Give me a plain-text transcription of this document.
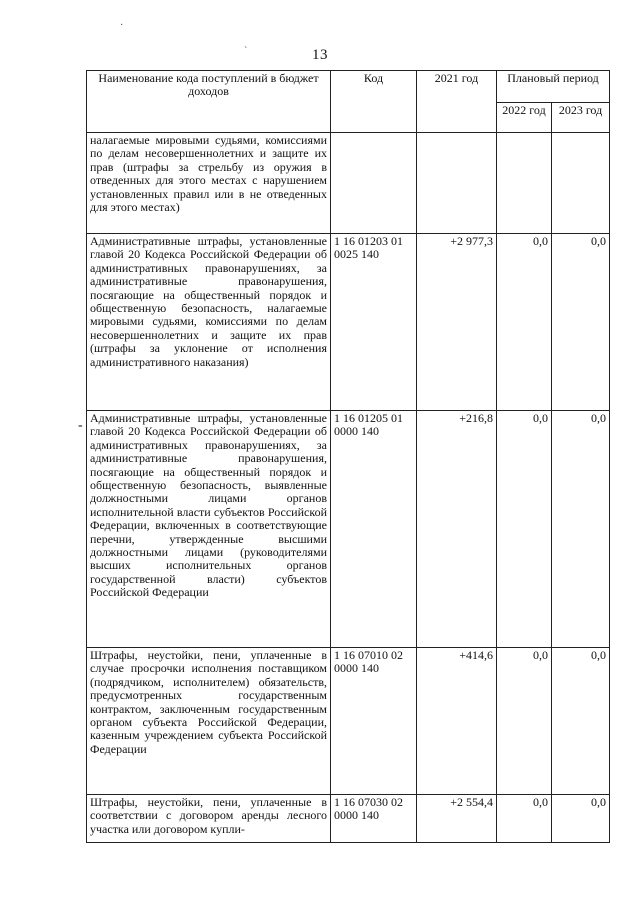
13
·
ˋ
-
Наименование кода поступлений в бюджет доходов	Код	2021 год	Плановый период	
			2022 год	2023 год
налагаемые мировыми судьями, комиссиями по делам несовершеннолетних и защите их прав (штрафы за стрельбу из оружия в отведенных для этого местах с нарушением установленных правил или в не отведенных для этого местах)				
Административные штрафы, установленные главой 20 Кодекса Российской Федерации об административных правонарушениях, за административные правонарушения, посягающие на общественный порядок и общественную безопасность, налагаемые мировыми судьями, комиссиями по делам несовершеннолетних и защите их прав (штрафы за уклонение от исполнения административного наказания)	1 16 01203 01 0025 140	+2 977,3	0,0	0,0
Административные штрафы, установленные главой 20 Кодекса Российской Федерации об административных правонарушениях, за административные правонарушения, посягающие на общественный порядок и общественную безопасность, выявленные должностными лицами органов исполнительной власти субъектов Российской Федерации, включенных в соответствующие перечни, утвержденные высшими должностными лицами (руководителями высших исполнительных органов государственной власти) субъектов Российской Федерации	1 16 01205 01 0000 140	+216,8	0,0	0,0
Штрафы, неустойки, пени, уплаченные в случае просрочки исполнения поставщиком (подрядчиком, исполнителем) обязательств, предусмотренных государственным контрактом, заключенным государственным органом субъекта Российской Федерации, казенным учреждением субъекта Российской Федерации	1 16 07010 02 0000 140	+414,6	0,0	0,0
Штрафы, неустойки, пени, уплаченные в соответствии с договором аренды лесного участка или договором купли-	1 16 07030 02 0000 140	+2 554,4	0,0	0,0
